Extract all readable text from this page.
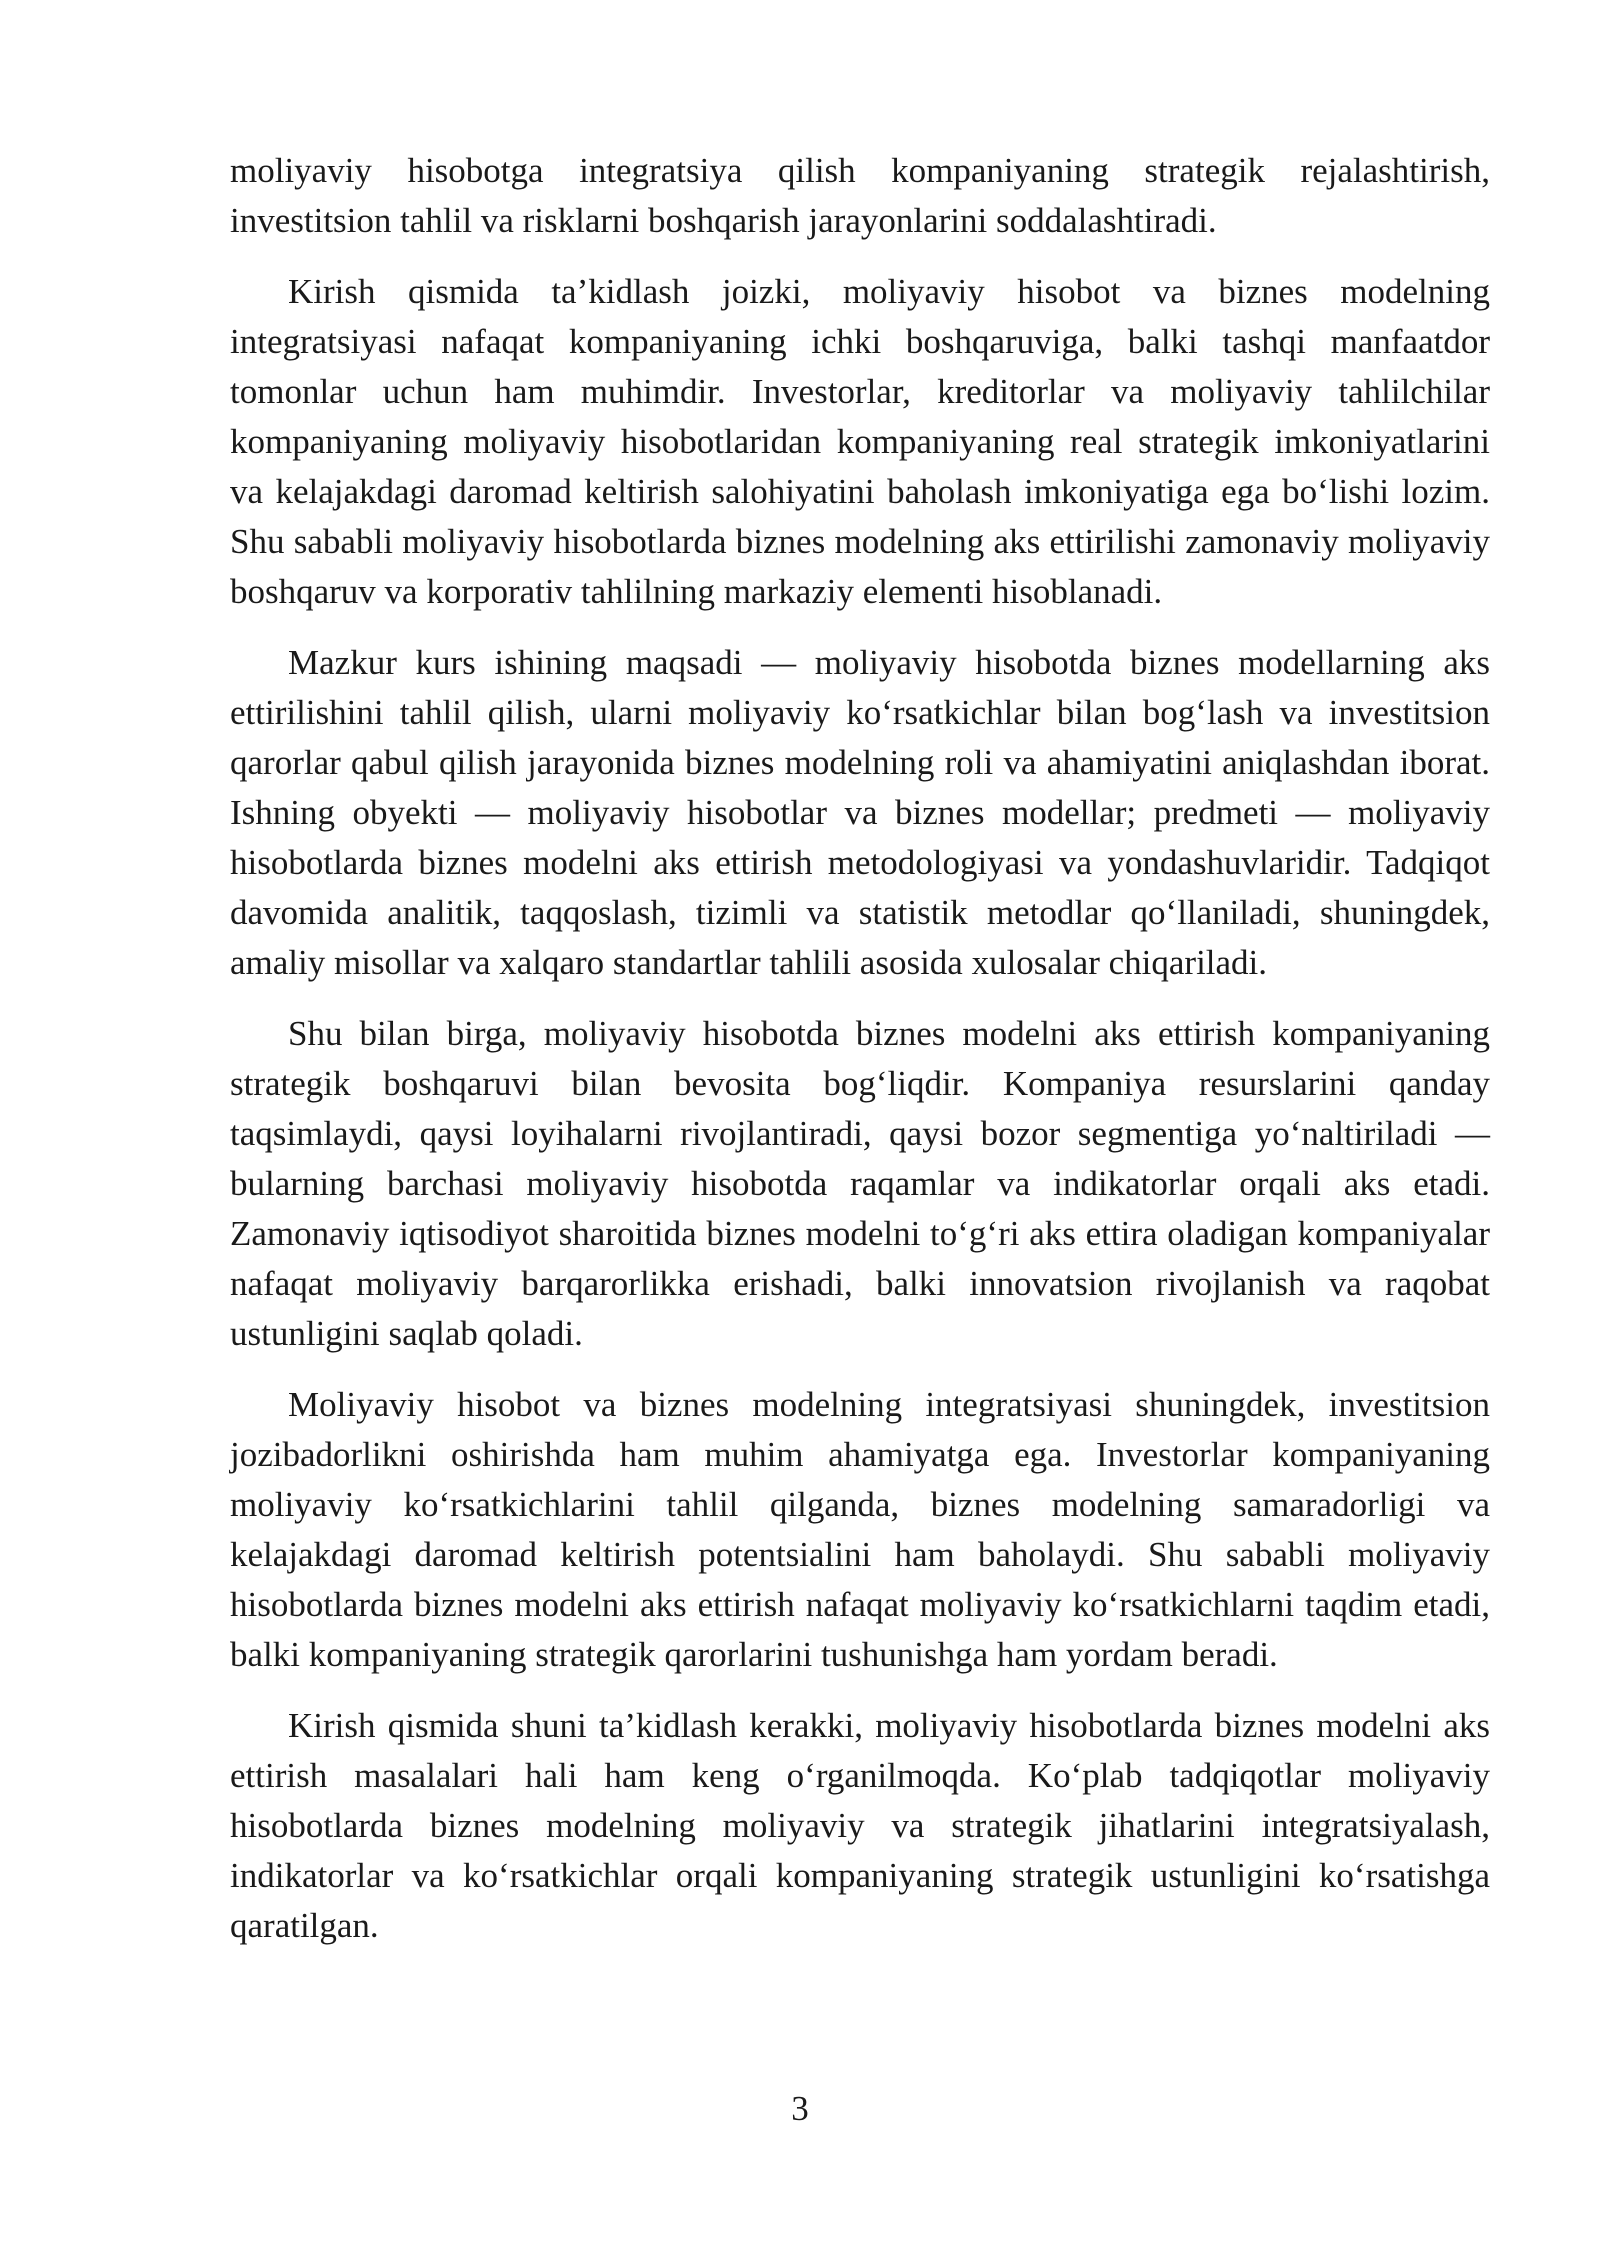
moliyaviy hisobotga integratsiya qilish kompaniyaning strategik rejalashtirish, investitsion tahlil va risklarni boshqarish jarayonlarini soddalashtiradi.

Kirish qismida ta’kidlash joizki, moliyaviy hisobot va biznes modelning integratsiyasi nafaqat kompaniyaning ichki boshqaruviga, balki tashqi manfaatdor tomonlar uchun ham muhimdir. Investorlar, kreditorlar va moliyaviy tahlilchilar kompaniyaning moliyaviy hisobotlaridan kompaniyaning real strategik imkoniyatlarini va kelajakdagi daromad keltirish salohiyatini baholash imkoniyatiga ega bo‘lishi lozim. Shu sababli moliyaviy hisobotlarda biznes modelning aks ettirilishi zamonaviy moliyaviy boshqaruv va korporativ tahlilning markaziy elementi hisoblanadi.

Mazkur kurs ishining maqsadi — moliyaviy hisobotda biznes modellarning aks ettirilishini tahlil qilish, ularni moliyaviy ko‘rsatkichlar bilan bog‘lash va investitsion qarorlar qabul qilish jarayonida biznes modelning roli va ahamiyatini aniqlashdan iborat. Ishning obyekti — moliyaviy hisobotlar va biznes modellar; predmeti — moliyaviy hisobotlarda biznes modelni aks ettirish metodologiyasi va yondashuvlaridir. Tadqiqot davomida analitik, taqqoslash, tizimli va statistik metodlar qo‘llaniladi, shuningdek, amaliy misollar va xalqaro standartlar tahlili asosida xulosalar chiqariladi.

Shu bilan birga, moliyaviy hisobotda biznes modelni aks ettirish kompaniyaning strategik boshqaruvi bilan bevosita bog‘liqdir. Kompaniya resurslarini qanday taqsimlaydi, qaysi loyihalarni rivojlantiradi, qaysi bozor segmentiga yo‘naltiriladi — bularning barchasi moliyaviy hisobotda raqamlar va indikatorlar orqali aks etadi. Zamonaviy iqtisodiyot sharoitida biznes modelni to‘g‘ri aks ettira oladigan kompaniyalar nafaqat moliyaviy barqarorlikka erishadi, balki innovatsion rivojlanish va raqobat ustunligini saqlab qoladi.

Moliyaviy hisobot va biznes modelning integratsiyasi shuningdek, investitsion jozibadorlikni oshirishda ham muhim ahamiyatga ega. Investorlar kompaniyaning moliyaviy ko‘rsatkichlarini tahlil qilganda, biznes modelning samaradorligi va kelajakdagi daromad keltirish potentsialini ham baholaydi. Shu sababli moliyaviy hisobotlarda biznes modelni aks ettirish nafaqat moliyaviy ko‘rsatkichlarni taqdim etadi, balki kompaniyaning strategik qarorlarini tushunishga ham yordam beradi.

Kirish qismida shuni ta’kidlash kerakki, moliyaviy hisobotlarda biznes modelni aks ettirish masalalari hali ham keng o‘rganilmoqda. Ko‘plab tadqiqotlar moliyaviy hisobotlarda biznes modelning moliyaviy va strategik jihatlarini integratsiyalash, indikatorlar va ko‘rsatkichlar orqali kompaniyaning strategik ustunligini ko‘rsatishga qaratilgan.

3
